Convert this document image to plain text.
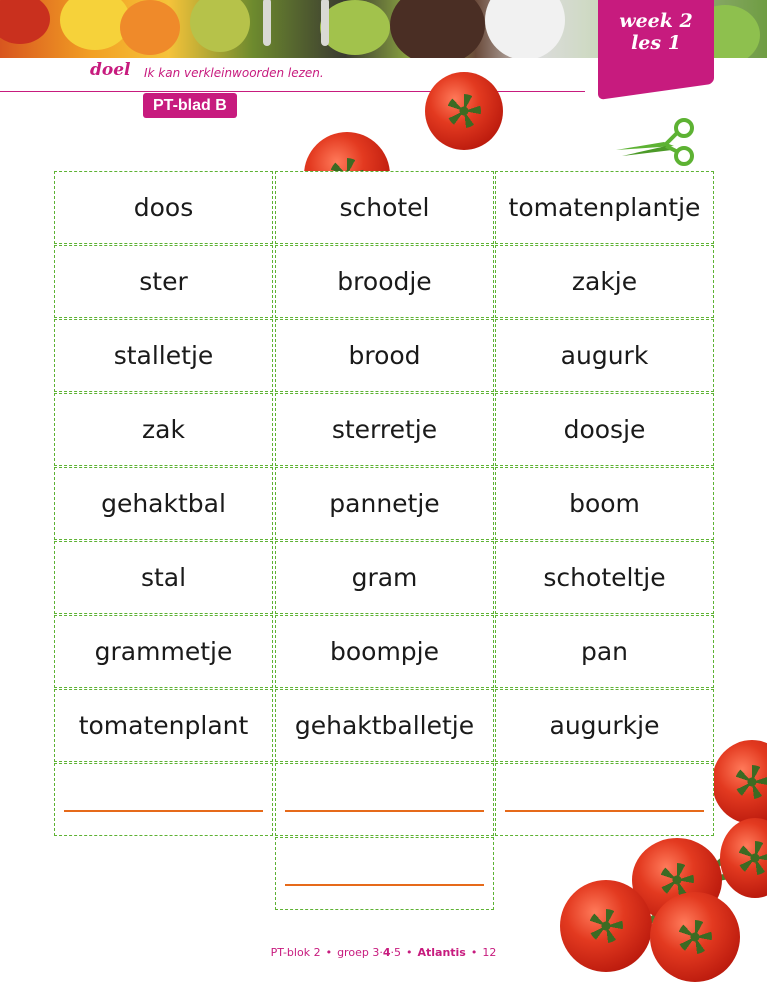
week 2
les 1
doel Ik kan verkleinwoorden lezen.
PT-blad B
doos
ster
stalletje
zak
gehaktbal
stal
grammetje
tomatenplant
schotel
broodje
brood
sterretje
pannetje
gram
boompje
gehaktballetje
tomatenplantje
zakje
augurk
doosje
boom
schoteltje
pan
augurkje
PT-blok 2 • groep 3·4·5 • Atlantis • 12
